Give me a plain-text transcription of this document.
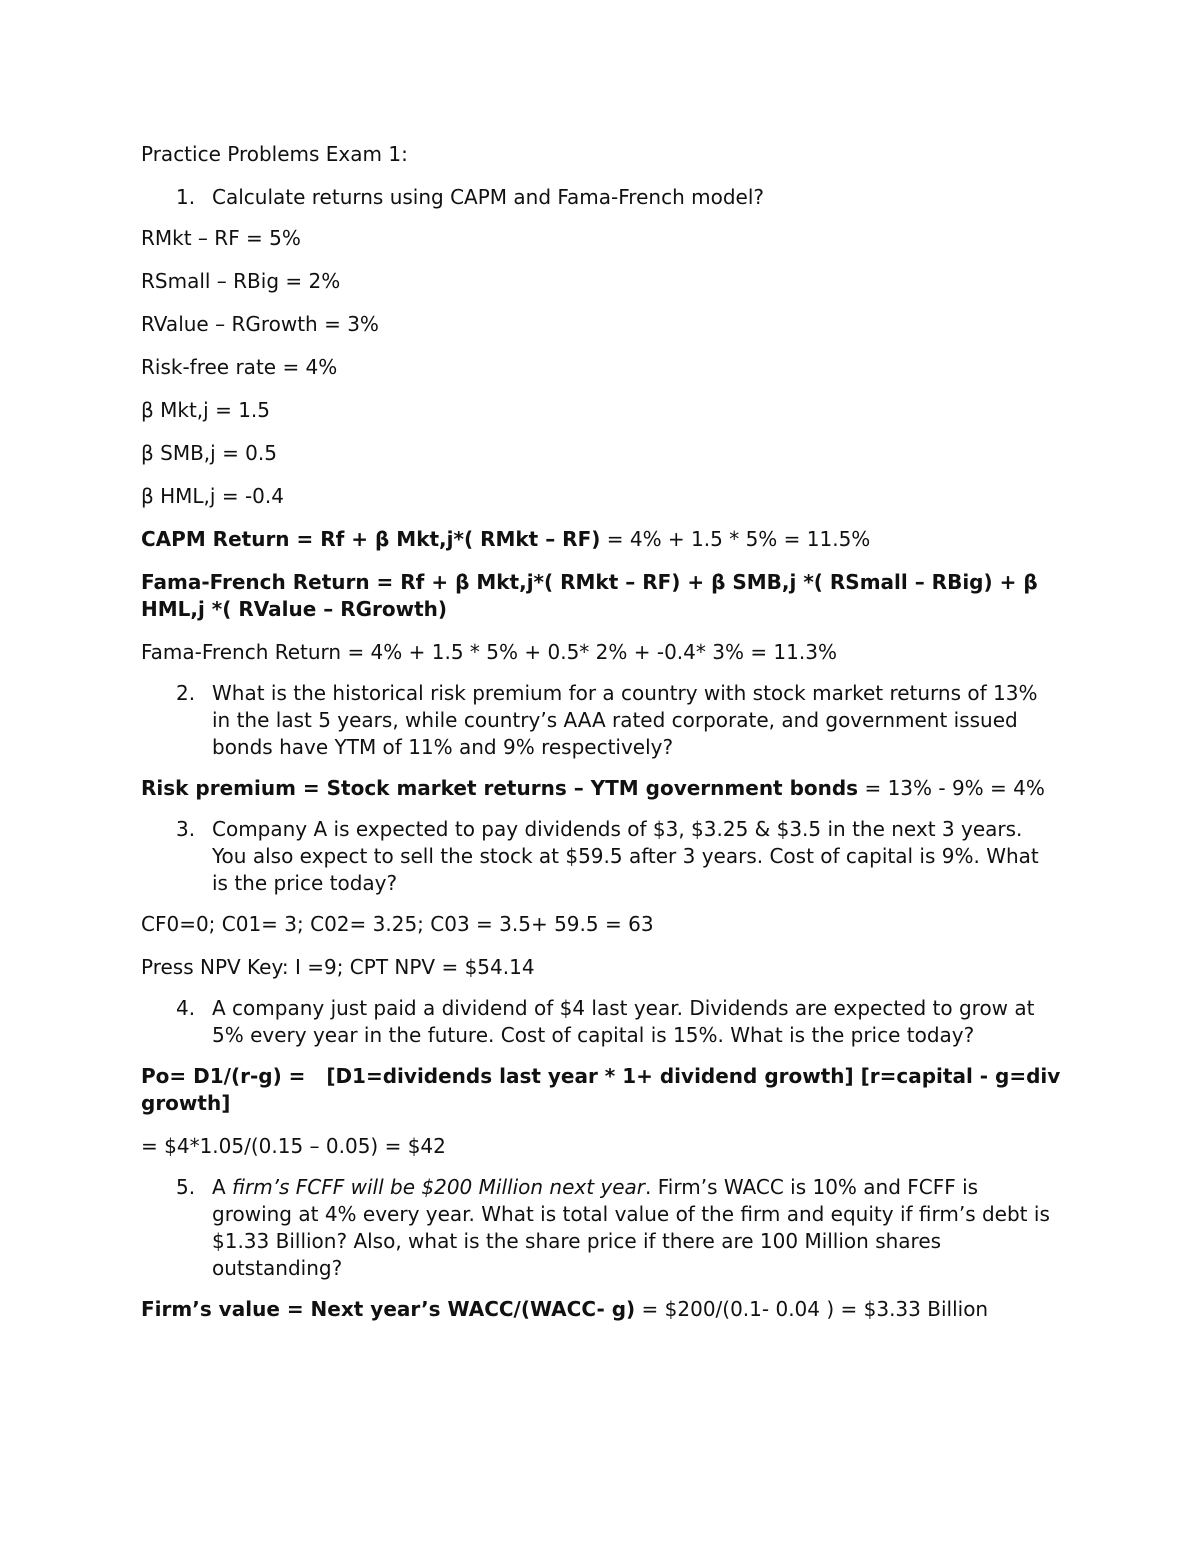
Practice Problems Exam 1:

1. Calculate returns using CAPM and Fama-French model?

RMkt – RF = 5%

RSmall – RBig = 2%

RValue – RGrowth = 3%

Risk-free rate = 4%

β Mkt,j = 1.5

β SMB,j = 0.5

β HML,j = -0.4

CAPM Return = Rf + β Mkt,j*( RMkt – RF) = 4% + 1.5 * 5% = 11.5%

Fama-French Return = Rf + β Mkt,j*( RMkt – RF) + β SMB,j *( RSmall – RBig) + β HML,j *( RValue – RGrowth)

Fama-French Return = 4% + 1.5 * 5% + 0.5* 2% + -0.4* 3% = 11.3%

2. What is the historical risk premium for a country with stock market returns of 13% in the last 5 years, while country’s AAA rated corporate, and government issued bonds have YTM of 11% and 9% respectively?

Risk premium = Stock market returns – YTM government bonds = 13% - 9% = 4%

3. Company A is expected to pay dividends of $3, $3.25 & $3.5 in the next 3 years. You also expect to sell the stock at $59.5 after 3 years. Cost of capital is 9%. What is the price today?

CF0=0; C01= 3; C02= 3.25; C03 = 3.5+ 59.5 = 63

Press NPV Key: I =9; CPT NPV = $54.14

4. A company just paid a dividend of $4 last year. Dividends are expected to grow at 5% every year in the future. Cost of capital is 15%. What is the price today?

Po= D1/(r-g) =   [D1=dividends last year * 1+ dividend growth] [r=capital - g=div growth]

= $4*1.05/(0.15 – 0.05) = $42

5. A firm’s FCFF will be $200 Million next year. Firm’s WACC is 10% and FCFF is growing at 4% every year. What is total value of the firm and equity if firm’s debt is $1.33 Billion? Also, what is the share price if there are 100 Million shares outstanding?

Firm’s value = Next year’s WACC/(WACC- g) = $200/(0.1- 0.04 ) = $3.33 Billion
